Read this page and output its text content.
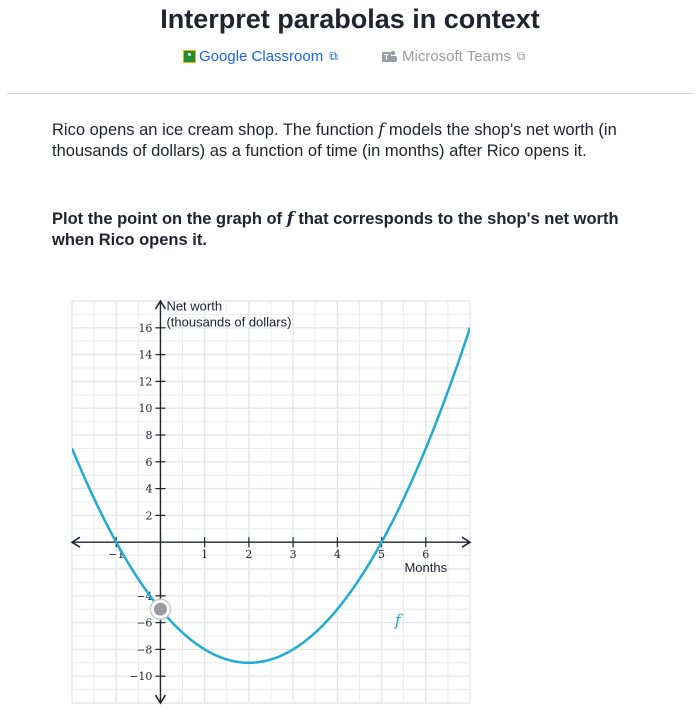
Interpret parabolas in context
Google Classroom ⧉	T Microsoft Teams ⧉

Rico opens an ice cream shop. The function f models the shop's net worth (in thousands of dollars) as a function of time (in months) after Rico opens it.

Plot the point on the graph of f that corresponds to the shop's net worth when Rico opens it.

−1	1	2	3	4	5	6
−10
−8
−6
−4
2
4
6
8
10
12
14
16
Months
Net worth
(thousands of dollars)
f
